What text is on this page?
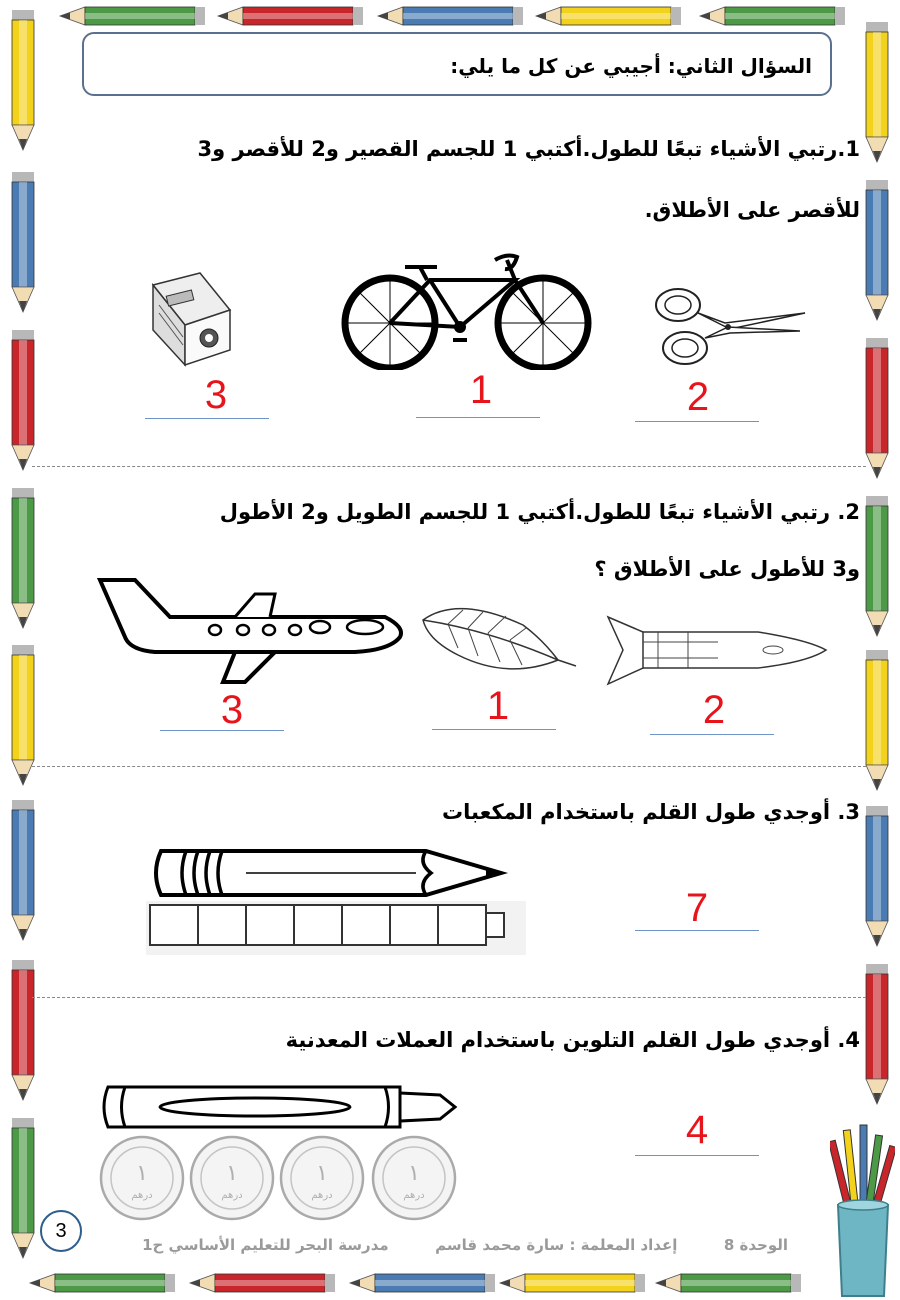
السؤال الثاني: أجيبي عن كل ما يلي:
1.رتبي الأشياء تبعًا للطول.أكتبي 1 للجسم القصير و2 للأقصر و3
للأقصر على الأطلاق.
3	1	2
2. رتبي الأشياء تبعًا للطول.أكتبي 1 للجسم الطويل و2 الأطول
و3 للأطول على الأطلاق ؟
3	1	2
3. أوجدي طول القلم باستخدام المكعبات
7
4. أوجدي طول القلم التلوين باستخدام العملات المعدنية
١
درهم
١
درهم
١
درهم
١
درهم
4
الوحدة 8  إعداد المعلمة : سارة محمد قاسم  مدرسة البحر للتعليم الأساسي ح1
3
